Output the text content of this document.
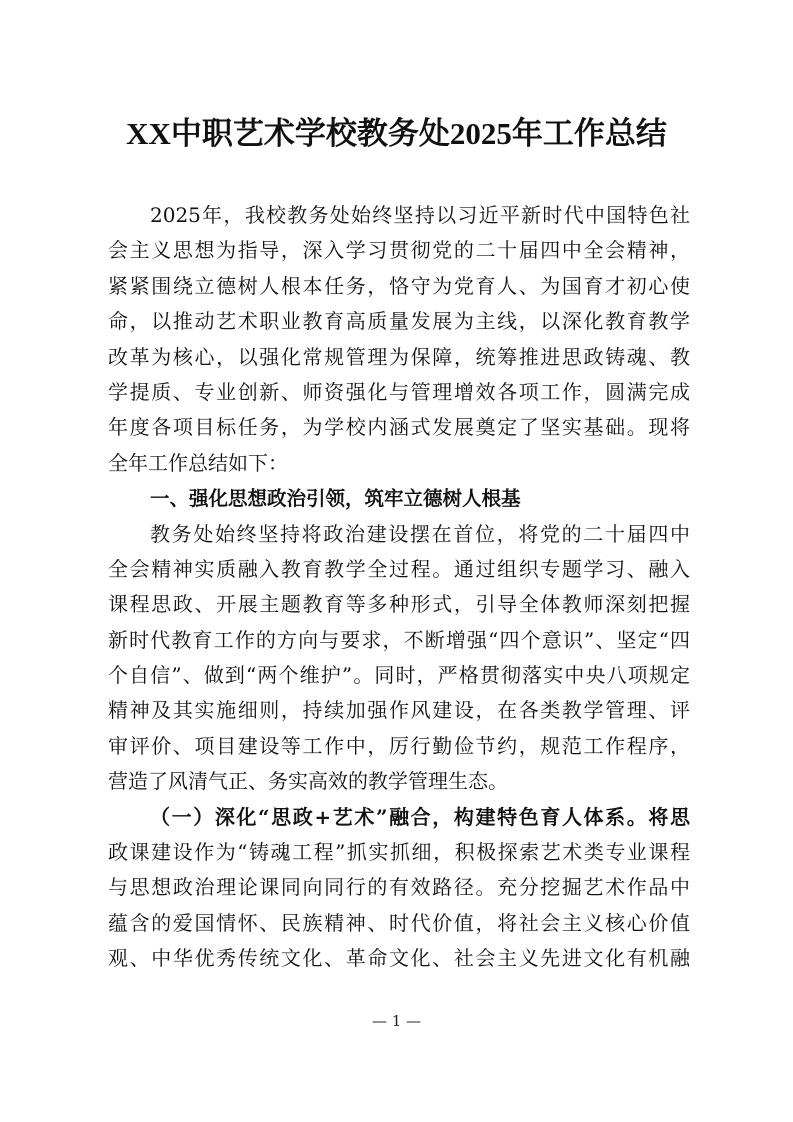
XX中职艺术学校教务处2025年工作总结
2025年，我校教务处始终坚持以习近平新时代中国特色社
会主义思想为指导，深入学习贯彻党的二十届四中全会精神，
紧紧围绕立德树人根本任务，恪守为党育人、为国育才初心使
命，以推动艺术职业教育高质量发展为主线，以深化教育教学
改革为核心，以强化常规管理为保障，统筹推进思政铸魂、教
学提质、专业创新、师资强化与管理增效各项工作，圆满完成
年度各项目标任务，为学校内涵式发展奠定了坚实基础。现将
全年工作总结如下：
一、强化思想政治引领，筑牢立德树人根基
教务处始终坚持将政治建设摆在首位，将党的二十届四中
全会精神实质融入教育教学全过程。通过组织专题学习、融入
课程思政、开展主题教育等多种形式，引导全体教师深刻把握
新时代教育工作的方向与要求，不断增强“四个意识”、坚定“四
个自信”、做到“两个维护”。同时，严格贯彻落实中央八项规定
精神及其实施细则，持续加强作风建设，在各类教学管理、评
审评价、项目建设等工作中，厉行勤俭节约，规范工作程序，
营造了风清气正、务实高效的教学管理生态。
（一）深化“思政+艺术”融合，构建特色育人体系。将思
政课建设作为“铸魂工程”抓实抓细，积极探索艺术类专业课程
与思想政治理论课同向同行的有效路径。充分挖掘艺术作品中
蕴含的爱国情怀、民族精神、时代价值，将社会主义核心价值
观、中华优秀传统文化、革命文化、社会主义先进文化有机融
— 1 —
